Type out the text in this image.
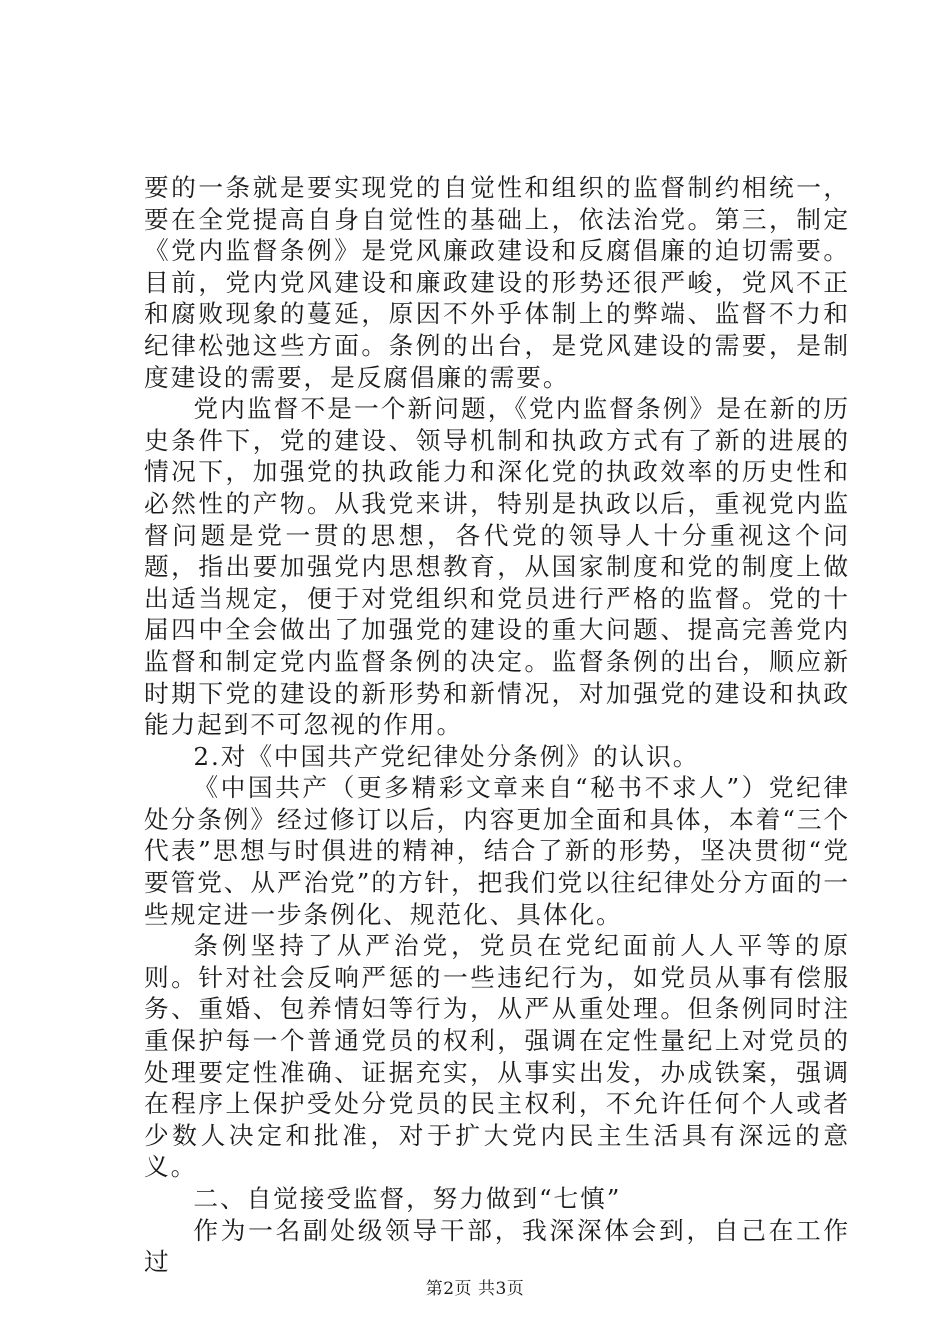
要的一条就是要实现党的自觉性和组织的监督制约相统一，要在全党提高自身自觉性的基础上，依法治党。第三，制定《党内监督条例》是党风廉政建设和反腐倡廉的迫切需要。目前，党内党风建设和廉政建设的形势还很严峻，党风不正和腐败现象的蔓延，原因不外乎体制上的弊端、监督不力和纪律松弛这些方面。条例的出台，是党风建设的需要，是制度建设的需要，是反腐倡廉的需要。

党内监督不是一个新问题，《党内监督条例》是在新的历史条件下，党的建设、领导机制和执政方式有了新的进展的情况下，加强党的执政能力和深化党的执政效率的历史性和必然性的产物。从我党来讲，特别是执政以后，重视党内监督问题是党一贯的思想，各代党的领导人十分重视这个问题，指出要加强党内思想教育，从国家制度和党的制度上做出适当规定，便于对党组织和党员进行严格的监督。党的十届四中全会做出了加强党的建设的重大问题、提高完善党内监督和制定党内监督条例的决定。监督条例的出台，顺应新时期下党的建设的新形势和新情况，对加强党的建设和执政能力起到不可忽视的作用。

2.对《中国共产党纪律处分条例》的认识。

《中国共产（更多精彩文章来自“秘书不求人”）党纪律处分条例》经过修订以后，内容更加全面和具体，本着“三个代表”思想与时俱进的精神，结合了新的形势，坚决贯彻“党要管党、从严治党”的方针，把我们党以往纪律处分方面的一些规定进一步条例化、规范化、具体化。

条例坚持了从严治党，党员在党纪面前人人平等的原则。针对社会反响严惩的一些违纪行为，如党员从事有偿服务、重婚、包养情妇等行为，从严从重处理。但条例同时注重保护每一个普通党员的权利，强调在定性量纪上对党员的处理要定性准确、证据充实，从事实出发，办成铁案，强调在程序上保护受处分党员的民主权利，不允许任何个人或者少数人决定和批准，对于扩大党内民主生活具有深远的意义。

二、自觉接受监督，努力做到“七慎”

作为一名副处级领导干部，我深深体会到，自己在工作过

第2页 共3页
